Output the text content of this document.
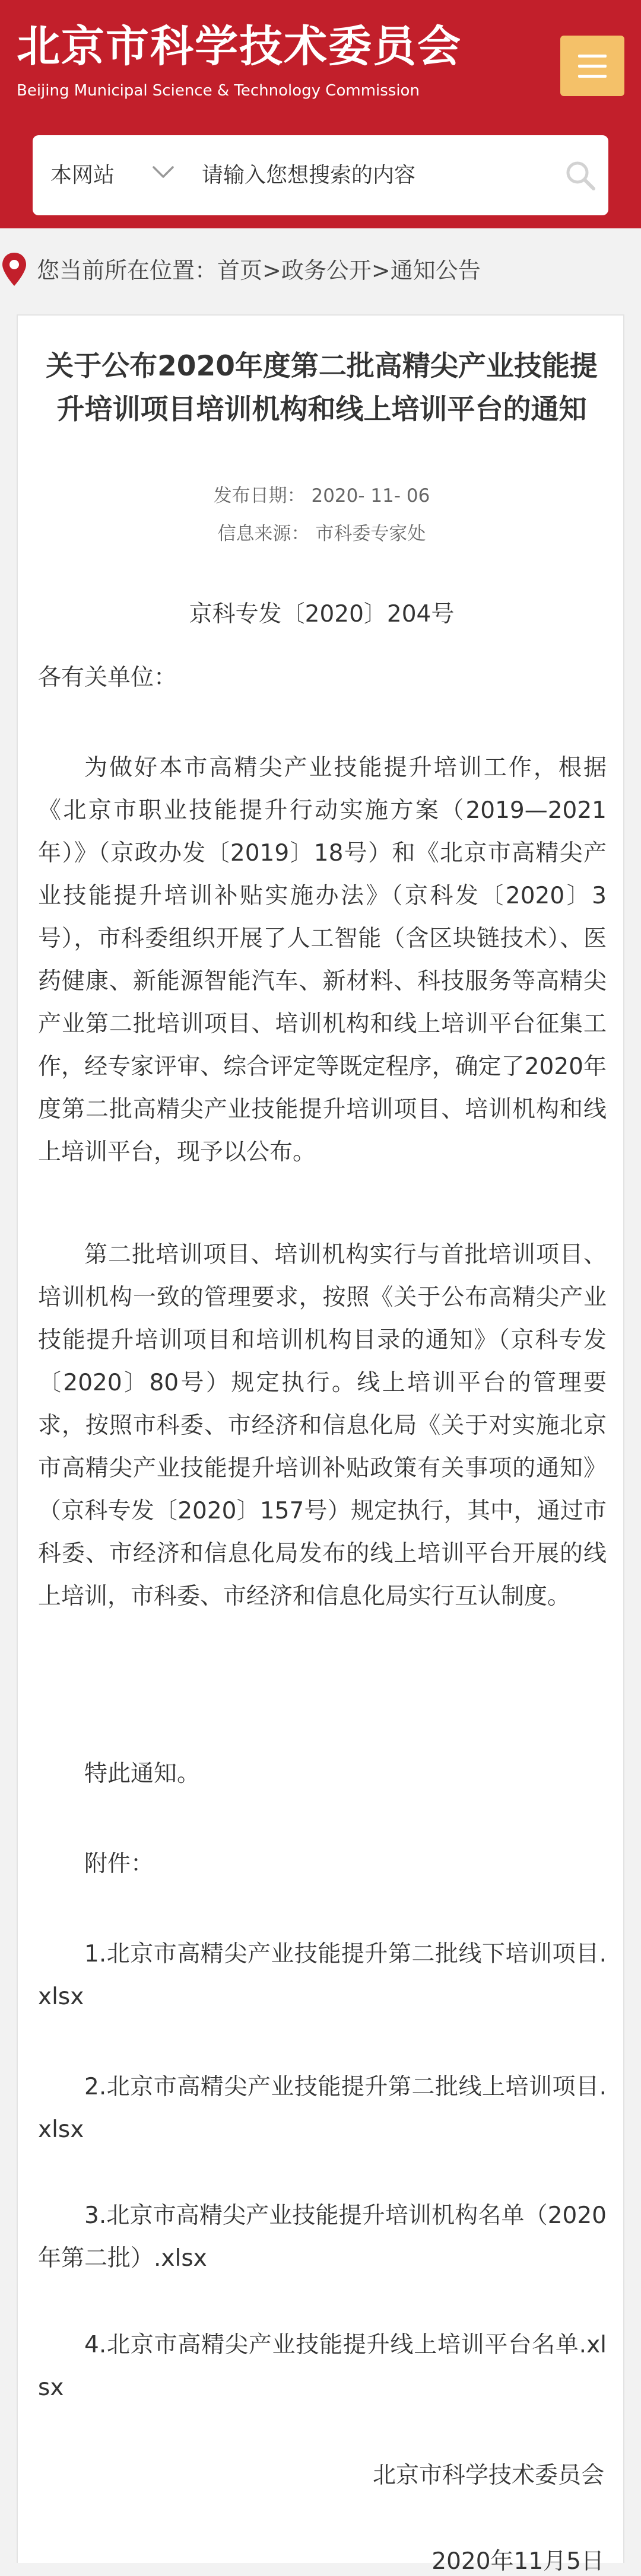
北京市科学技术委员会
Beijing Municipal Science & Technology Commission
本网站
请输入您想搜索的内容
您当前所在位置：首页>政务公开>通知公告
关于公布2020年度第二批高精尖产业技能提升培训项目培训机构和线上培训平台的通知
发布日期： 2020- 11- 06
信息来源： 市科委专家处
京科专发〔2020〕204号
各有关单位：
为做好本市高精尖产业技能提升培训工作，根据《北京市职业技能提升行动实施方案（2019—2021年）》（京政办发〔2019〕18号）和《北京市高精尖产业技能提升培训补贴实施办法》（京科发〔2020〕3号），市科委组织开展了人工智能（含区块链技术）、医药健康、新能源智能汽车、新材料、科技服务等高精尖产业第二批培训项目、培训机构和线上培训平台征集工作，经专家评审、综合评定等既定程序，确定了2020年度第二批高精尖产业技能提升培训项目、培训机构和线上培训平台，现予以公布。
第二批培训项目、培训机构实行与首批培训项目、培训机构一致的管理要求，按照《关于公布高精尖产业技能提升培训项目和培训机构目录的通知》（京科专发〔2020〕80号）规定执行。线上培训平台的管理要求，按照市科委、市经济和信息化局《关于对实施北京市高精尖产业技能提升培训补贴政策有关事项的通知》（京科专发〔2020〕157号）规定执行，其中，通过市科委、市经济和信息化局发布的线上培训平台开展的线上培训，市科委、市经济和信息化局实行互认制度。
特此通知。
附件：
1.北京市高精尖产业技能提升第二批线下培训项目.xlsx
2.北京市高精尖产业技能提升第二批线上培训项目.xlsx
3.北京市高精尖产业技能提升培训机构名单（2020年第二批）.xlsx
4.北京市高精尖产业技能提升线上培训平台名单.xlsx
北京市科学技术委员会
2020年11月5日
